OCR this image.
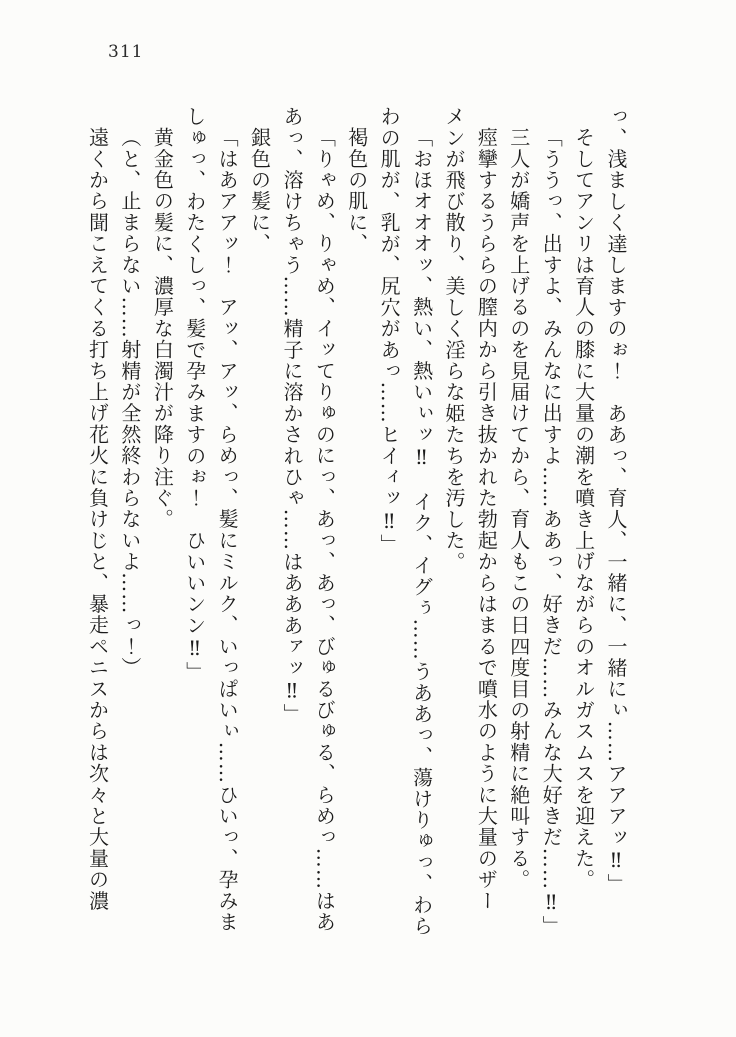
311
っ、浅ましく達しますのぉ！　ああっ、育人、一緒に、一緒にぃ……アアアッ‼」
そしてアンリは育人の膝に大量の潮を噴き上げながらのオルガスムスを迎えた。
「ううっ、出すよ、みんなに出すよ……ああっ、好きだ……みんな大好きだ……‼」
三人が嬌声を上げるのを見届けてから、育人もこの日四度目の射精に絶叫する。
痙攣するうららの膣内から引き抜かれた勃起からはまるで噴水のように大量のザー
メンが飛び散り、美しく淫らな姫たちを汚した。
「おほオオオッ、熱い、熱いぃッ‼　イク、イグぅ……うああっ、蕩けりゅっ、わら
わの肌が、乳が、尻穴があっ……ヒイィッ‼」
褐色の肌に、
「りゃめ、りゃめ、イッてりゅのにっ、あっ、あっ、びゅるびゅる、らめっ……はあ
あっ、溶けちゃう……精子に溶かされひゃ……はあああァッ‼」
銀色の髪に、
「はあアアッ！　アッ、アッ、らめっ、髪にミルク、いっぱいぃ……ひいっ、孕みま
しゅっ、わたくしっ、髪で孕みますのぉ！　ひいいンン‼」
黄金色の髪に、濃厚な白濁汁が降り注ぐ。
（と、止まらない……射精が全然終わらないよ……っ！）
遠くから聞こえてくる打ち上げ花火に負けじと、暴走ペニスからは次々と大量の濃
